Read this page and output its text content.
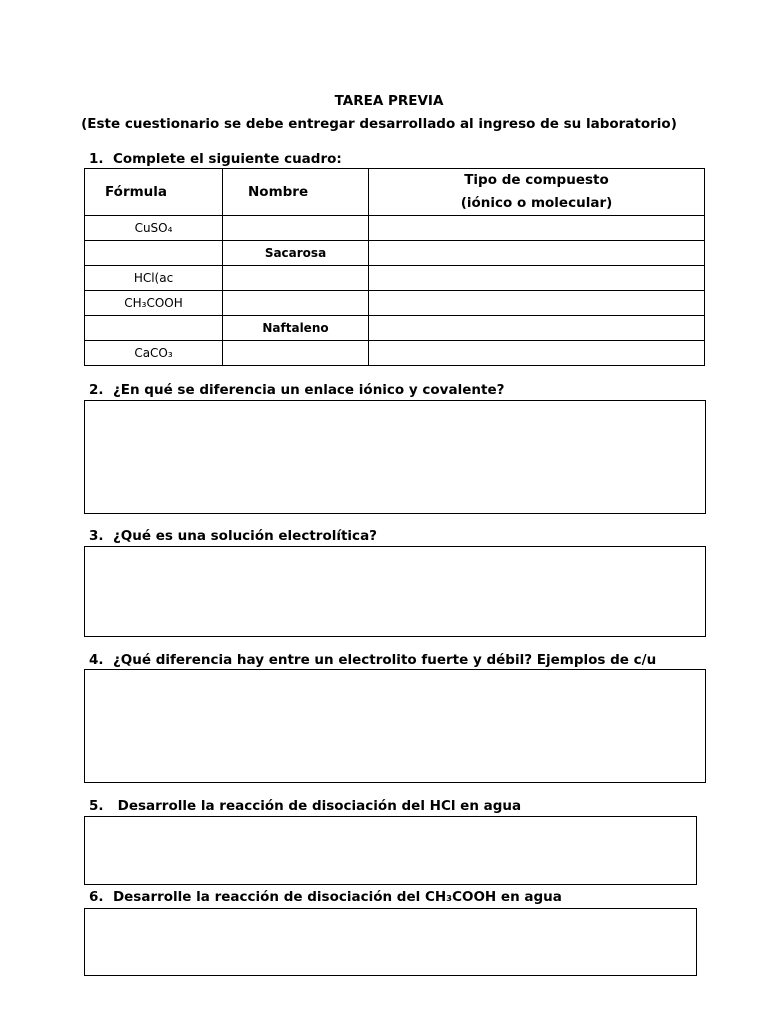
TAREA PREVIA
(Este cuestionario se debe entregar desarrollado al ingreso de su laboratorio)
1. Complete el siguiente cuadro:
Fórmula	Nombre	Tipo de compuesto
(iónico o molecular)

CuSO₄		
	Sacarosa	
HCl(ac		
CH₃COOH		
	Naftaleno	
CaCO₃		
2. ¿En qué se diferencia un enlace iónico y covalente?
3. ¿Qué es una solución electrolítica?
4. ¿Qué diferencia hay entre un electrolito fuerte y débil? Ejemplos de c/u
5. Desarrolle la reacción de disociación del HCl en agua
6. Desarrolle la reacción de disociación del CH₃COOH en agua
